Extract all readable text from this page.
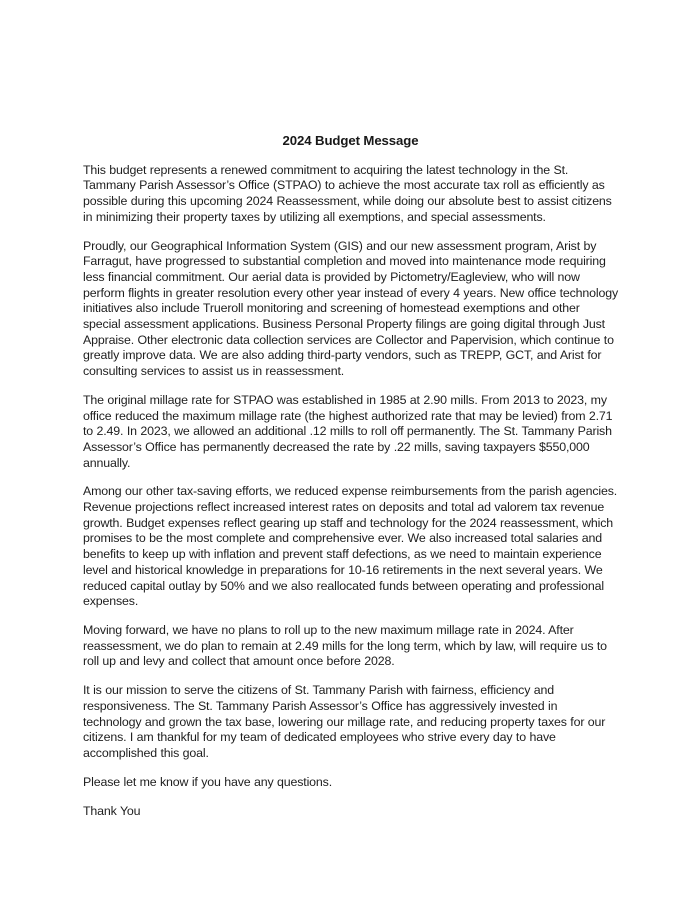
2024 Budget Message

This budget represents a renewed commitment to acquiring the latest technology in the St. Tammany Parish Assessor’s Office (STPAO) to achieve the most accurate tax roll as efficiently as possible during this upcoming 2024 Reassessment, while doing our absolute best to assist citizens in minimizing their property taxes by utilizing all exemptions, and special assessments.

Proudly, our Geographical Information System (GIS) and our new assessment program, Arist by Farragut, have progressed to substantial completion and moved into maintenance mode requiring less financial commitment. Our aerial data is provided by Pictometry/Eagleview, who will now perform flights in greater resolution every other year instead of every 4 years. New office technology initiatives also include Trueroll monitoring and screening of homestead exemptions and other special assessment applications. Business Personal Property filings are going digital through Just Appraise. Other electronic data collection services are Collector and Papervision, which continue to greatly improve data. We are also adding third-party vendors, such as TREPP, GCT, and Arist for consulting services to assist us in reassessment.

The original millage rate for STPAO was established in 1985 at 2.90 mills. From 2013 to 2023, my office reduced the maximum millage rate (the highest authorized rate that may be levied) from 2.71 to 2.49. In 2023, we allowed an additional .12 mills to roll off permanently. The St. Tammany Parish Assessor’s Office has permanently decreased the rate by .22 mills, saving taxpayers $550,000 annually.

Among our other tax-saving efforts, we reduced expense reimbursements from the parish agencies. Revenue projections reflect increased interest rates on deposits and total ad valorem tax revenue growth. Budget expenses reflect gearing up staff and technology for the 2024 reassessment, which promises to be the most complete and comprehensive ever. We also increased total salaries and benefits to keep up with inflation and prevent staff defections, as we need to maintain experience level and historical knowledge in preparations for 10-16 retirements in the next several years. We reduced capital outlay by 50% and we also reallocated funds between operating and professional expenses.

Moving forward, we have no plans to roll up to the new maximum millage rate in 2024. After reassessment, we do plan to remain at 2.49 mills for the long term, which by law, will require us to roll up and levy and collect that amount once before 2028.

It is our mission to serve the citizens of St. Tammany Parish with fairness, efficiency and responsiveness. The St. Tammany Parish Assessor’s Office has aggressively invested in technology and grown the tax base, lowering our millage rate, and reducing property taxes for our citizens. I am thankful for my team of dedicated employees who strive every day to have accomplished this goal.

Please let me know if you have any questions.

Thank You
